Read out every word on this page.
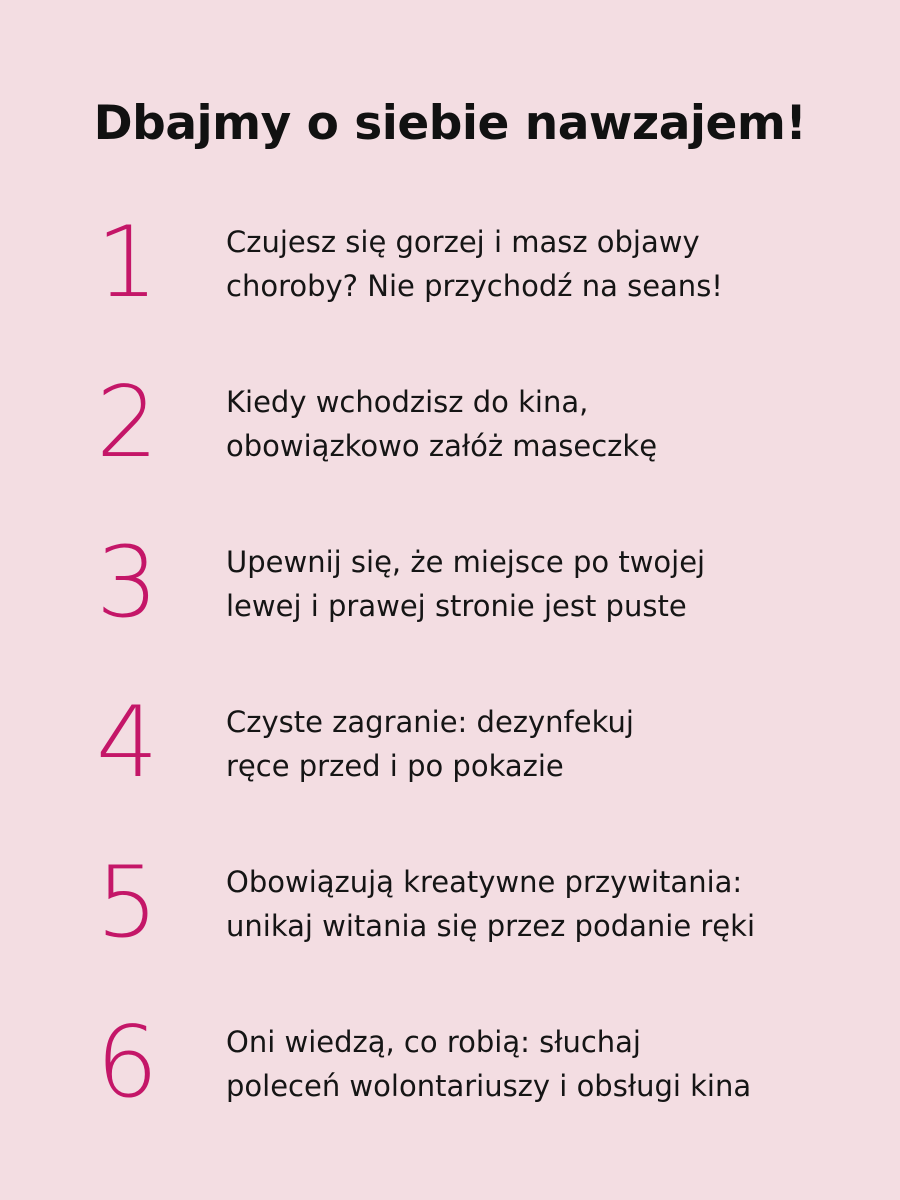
Dbajmy o siebie nawzajem!
1	Czujesz się gorzej i masz objawy
choroby? Nie przychodź na seans!

2	Kiedy wchodzisz do kina,
obowiązkowo załóż maseczkę

3	Upewnij się, że miejsce po twojej
lewej i prawej stronie jest puste

4	Czyste zagranie: dezynfekuj
ręce przed i po pokazie

5	Obowiązują kreatywne przywitania:
unikaj witania się przez podanie ręki

6	Oni wiedzą, co robią: słuchaj
poleceń wolontariuszy i obsługi kina
